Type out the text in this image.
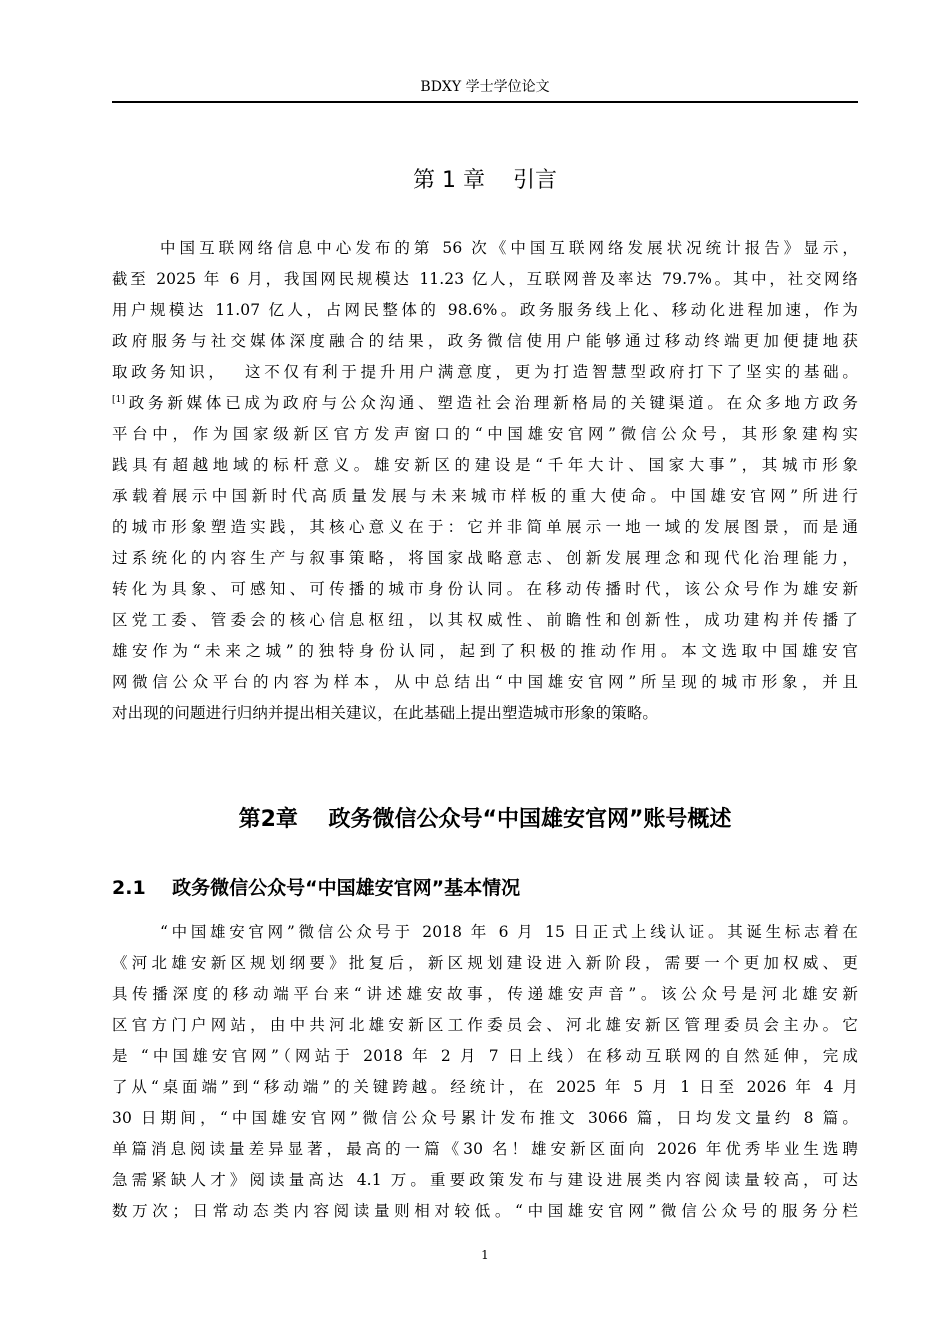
BDXY 学士学位论文
第 1 章    引言
中国互联网络信息中心发布的第 56 次《中国互联网络发展状况统计报告》显示，
截至 2025 年 6 月，我国网民规模达 11.23 亿人，互联网普及率达 79.7%。其中，社交网络
用户规模达 11.07 亿人，占网民整体的 98.6%。政务服务线上化、移动化进程加速，作为
政府服务与社交媒体深度融合的结果，政务微信使用户能够通过移动终端更加便捷地获
取政务知识，  这不仅有利于提升用户满意度，更为打造智慧型政府打下了坚实的基础。
[1]政务新媒体已成为政府与公众沟通、塑造社会治理新格局的关键渠道。在众多地方政务
平台中，作为国家级新区官方发声窗口的“中国雄安官网”微信公众号，其形象建构实
践具有超越地域的标杆意义。雄安新区的建设是“千年大计、国家大事”，其城市形象
承载着展示中国新时代高质量发展与未来城市样板的重大使命。中国雄安官网”所进行
的城市形象塑造实践，其核心意义在于：它并非简单展示一地一域的发展图景，而是通
过系统化的内容生产与叙事策略，将国家战略意志、创新发展理念和现代化治理能力，
转化为具象、可感知、可传播的城市身份认同。在移动传播时代，该公众号作为雄安新
区党工委、管委会的核心信息枢纽，以其权威性、前瞻性和创新性，成功建构并传播了
雄安作为“未来之城”的独特身份认同，起到了积极的推动作用。本文选取中国雄安官
网微信公众平台的内容为样本，从中总结出“中国雄安官网”所呈现的城市形象，并且
对出现的问题进行归纳并提出相关建议，在此基础上提出塑造城市形象的策略。
第2章    政务微信公众号“中国雄安官网”账号概述
2.1    政务微信公众号“中国雄安官网”基本情况
“中国雄安官网”微信公众号于 2018 年 6 月 15 日正式上线认证。其诞生标志着在
《河北雄安新区规划纲要》批复后，新区规划建设进入新阶段，需要一个更加权威、更
具传播深度的移动端平台来“讲述雄安故事，传递雄安声音”。该公众号是河北雄安新
区官方门户网站，由中共河北雄安新区工作委员会、河北雄安新区管理委员会主办。它
是 “中国雄安官网”（网站于 2018 年 2 月 7 日上线）在移动互联网的自然延伸，完成
了从“桌面端”到“移动端”的关键跨越。经统计，在 2025 年 5 月 1 日至 2026 年 4 月
30 日期间，“中国雄安官网”微信公众号累计发布推文 3066 篇，日均发文量约 8 篇。
单篇消息阅读量差异显著，最高的一篇《30 名！雄安新区面向 2026 年优秀毕业生选聘
急需紧缺人才》阅读量高达 4.1 万。重要政策发布与建设进展类内容阅读量较高，可达
数万次；日常动态类内容阅读量则相对较低。“中国雄安官网”微信公众号的服务分栏
1
